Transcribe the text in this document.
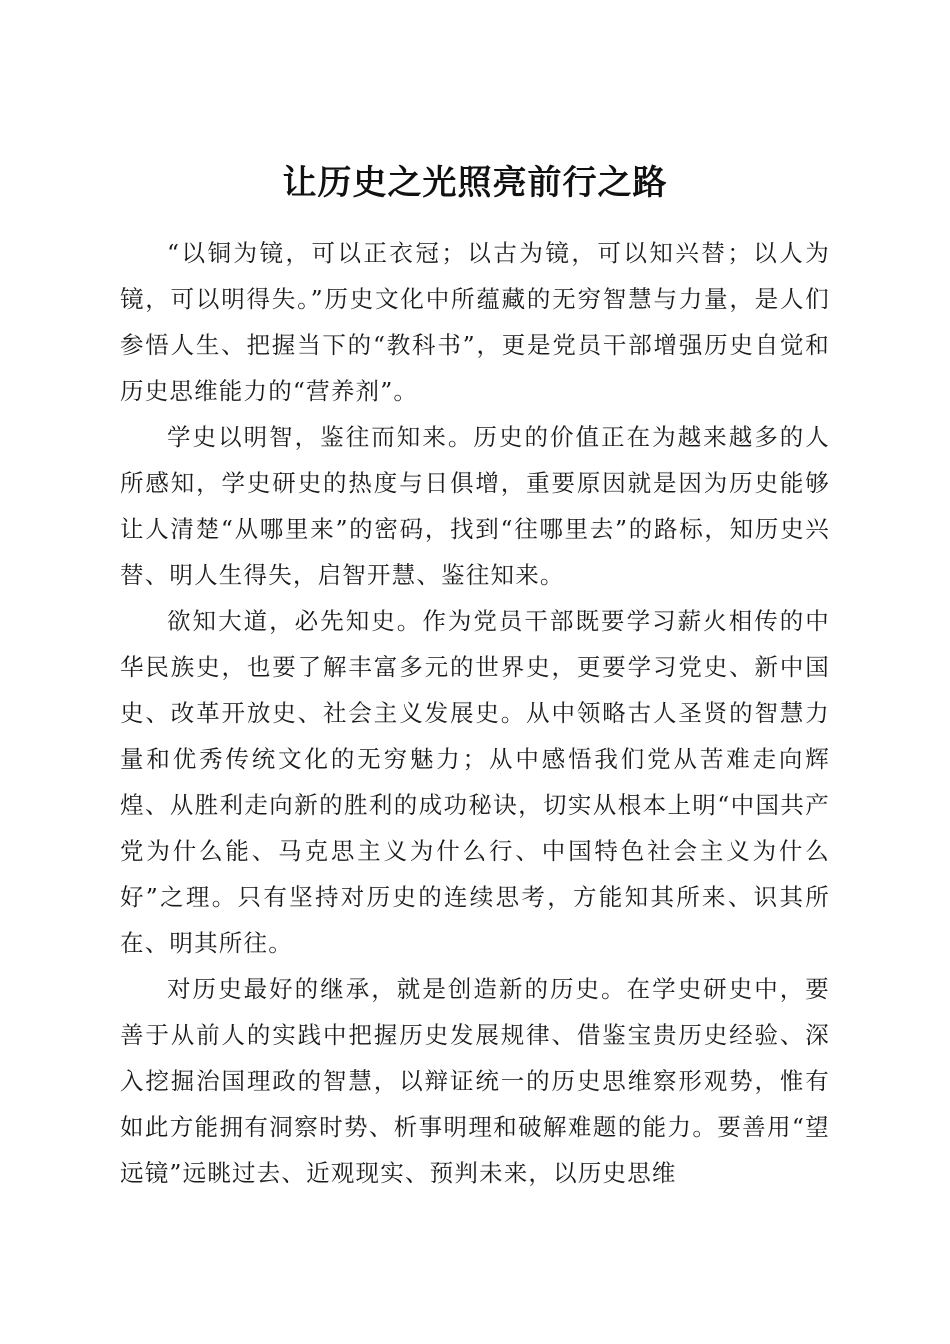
让历史之光照亮前行之路

“以铜为镜，可以正衣冠；以古为镜，可以知兴替；以人为镜，可以明得失。”历史文化中所蕴藏的无穷智慧与力量，是人们参悟人生、把握当下的“教科书”，更是党员干部增强历史自觉和历史思维能力的“营养剂”。

学史以明智，鉴往而知来。历史的价值正在为越来越多的人所感知，学史研史的热度与日俱增，重要原因就是因为历史能够让人清楚“从哪里来”的密码，找到“往哪里去”的路标，知历史兴替、明人生得失，启智开慧、鉴往知来。

欲知大道，必先知史。作为党员干部既要学习薪火相传的中华民族史，也要了解丰富多元的世界史，更要学习党史、新中国史、改革开放史、社会主义发展史。从中领略古人圣贤的智慧力量和优秀传统文化的无穷魅力；从中感悟我们党从苦难走向辉煌、从胜利走向新的胜利的成功秘诀，切实从根本上明“中国共产党为什么能、马克思主义为什么行、中国特色社会主义为什么好”之理。只有坚持对历史的连续思考，方能知其所来、识其所在、明其所往。

对历史最好的继承，就是创造新的历史。在学史研史中，要善于从前人的实践中把握历史发展规律、借鉴宝贵历史经验、深入挖掘治国理政的智慧，以辩证统一的历史思维察形观势，惟有如此方能拥有洞察时势、析事明理和破解难题的能力。要善用“望远镜”远眺过去、近观现实、预判未来，以历史思维
